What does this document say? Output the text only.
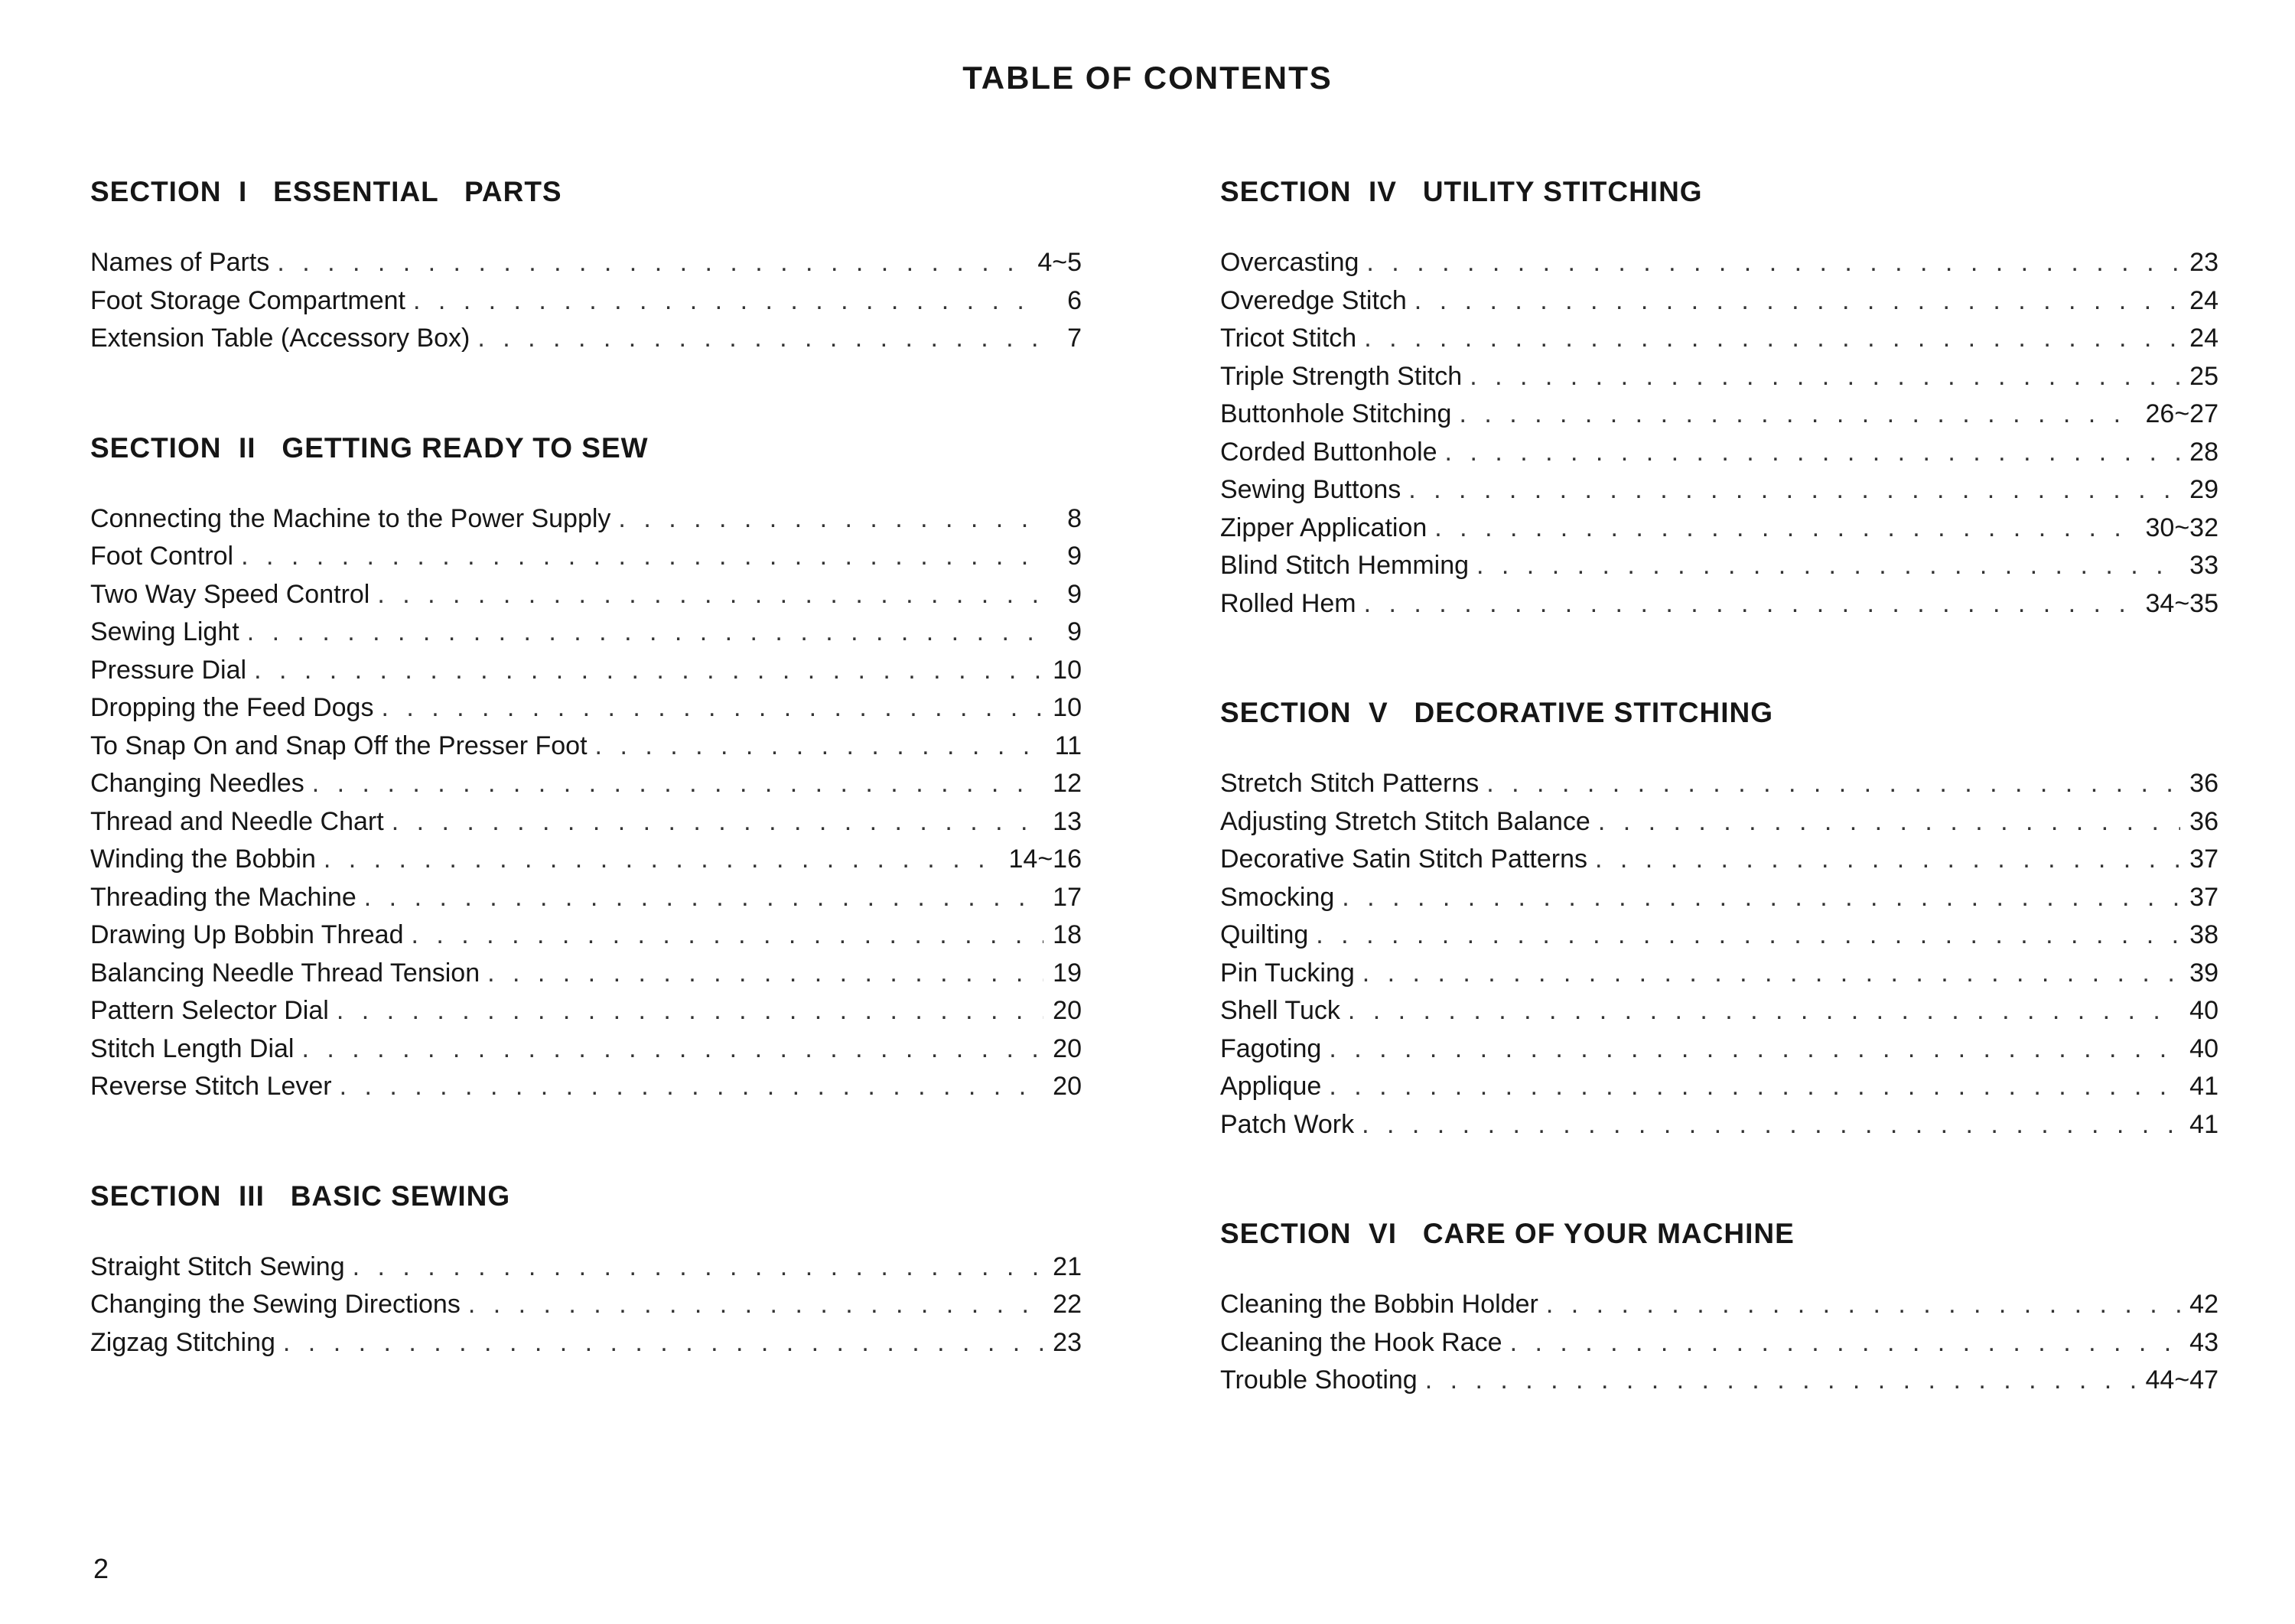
TABLE OF CONTENTS
SECTION  I   ESSENTIAL   PARTS
Names of Parts . . .	4~5
Foot Storage Compartment . . .	6
Extension Table (Accessory Box) . . .	7
SECTION  II   GETTING READY TO SEW
Connecting the Machine to the Power Supply . . .	8
Foot Control . . .	9
Two Way Speed Control . . .	9
Sewing Light . . .	9
Pressure Dial . . .	10
Dropping the Feed Dogs . . .	10
To Snap On and Snap Off the Presser Foot . . .	11
Changing Needles . . .	12
Thread and Needle Chart . . .	13
Winding the Bobbin . . .	14~16
Threading the Machine . . .	17
Drawing Up Bobbin Thread . . .	18
Balancing Needle Thread Tension . . .	19
Pattern Selector Dial . . .	20
Stitch Length Dial . . .	20
Reverse Stitch Lever . . .	20
SECTION  III   BASIC SEWING
Straight Stitch Sewing . . .	21
Changing the Sewing Directions . . .	22
Zigzag Stitching . . .	23
SECTION  IV   UTILITY STITCHING
Overcasting . . .	23
Overedge Stitch . . .	24
Tricot Stitch . . .	24
Triple Strength Stitch . . .	25
Buttonhole Stitching . . .	26~27
Corded Buttonhole . . .	28
Sewing Buttons . . .	29
Zipper Application . . .	30~32
Blind Stitch Hemming . . .	33
Rolled Hem . . .	34~35
SECTION  V   DECORATIVE STITCHING
Stretch Stitch Patterns . . .	36
Adjusting Stretch Stitch Balance . . .	36
Decorative Satin Stitch Patterns . . .	37
Smocking . . .	37
Quilting . . .	38
Pin Tucking . . .	39
Shell Tuck . . .	40
Fagoting . . .	40
Applique . . .	41
Patch Work . . .	41
SECTION  VI   CARE OF YOUR MACHINE
Cleaning the Bobbin Holder . . .	42
Cleaning the Hook Race . . .	43
Trouble Shooting . . .	44~47
2
